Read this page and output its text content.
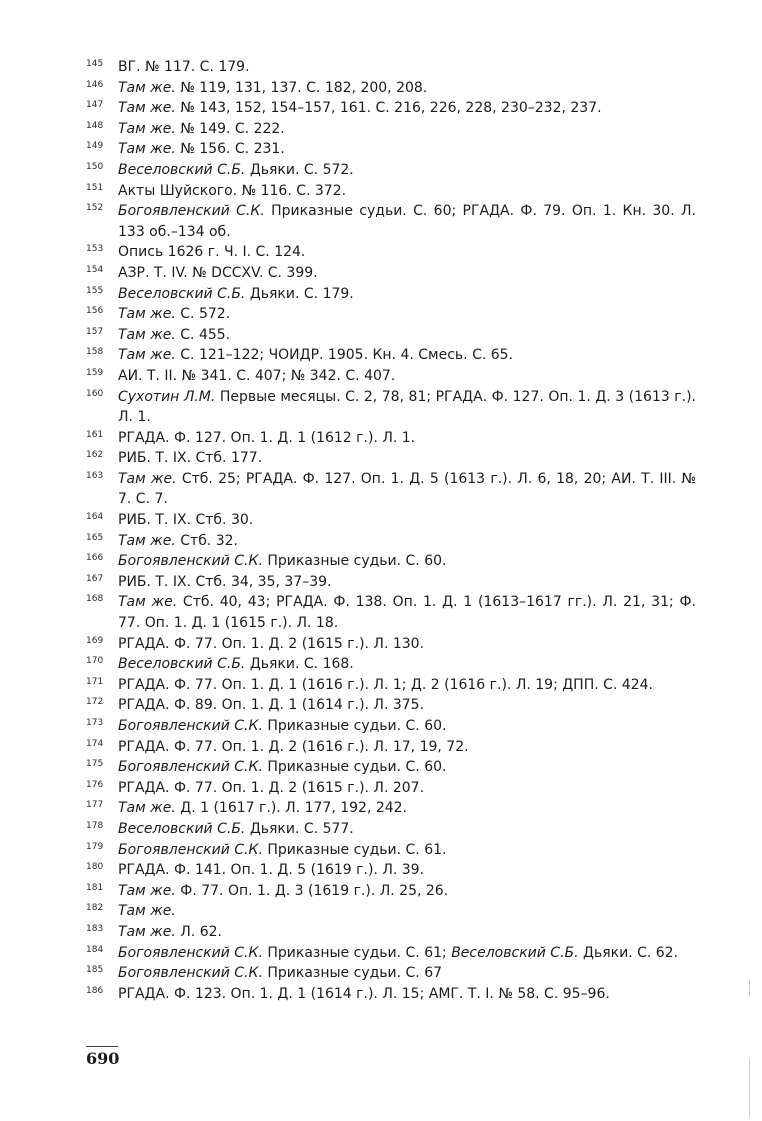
145 ВГ. № 117. С. 179.
146 Там же. № 119, 131, 137. С. 182, 200, 208.
147 Там же. № 143, 152, 154–157, 161. С. 216, 226, 228, 230–232, 237.
148 Там же. № 149. С. 222.
149 Там же. № 156. С. 231.
150 Веселовский С.Б. Дьяки. С. 572.
151 Акты Шуйского. № 116. С. 372.
152 Богоявленский С.К. Приказные судьи. С. 60; РГАДА. Ф. 79. Оп. 1. Кн. 30. Л. 133 об.–134 об.
153 Опись 1626 г. Ч. I. С. 124.
154 АЗР. Т. IV. № DCCXV. С. 399.
155 Веселовский С.Б. Дьяки. С. 179.
156 Там же. С. 572.
157 Там же. С. 455.
158 Там же. С. 121–122; ЧОИДР. 1905. Кн. 4. Смесь. С. 65.
159 АИ. Т. II. № 341. С. 407; № 342. С. 407.
160 Сухотин Л.М. Первые месяцы. С. 2, 78, 81; РГАДА. Ф. 127. Оп. 1. Д. 3 (1613 г.). Л. 1.
161 РГАДА. Ф. 127. Оп. 1. Д. 1 (1612 г.). Л. 1.
162 РИБ. Т. IX. Стб. 177.
163 Там же. Стб. 25; РГАДА. Ф. 127. Оп. 1. Д. 5 (1613 г.). Л. 6, 18, 20; АИ. Т. III. № 7. С. 7.
164 РИБ. Т. IX. Стб. 30.
165 Там же. Стб. 32.
166 Богоявленский С.К. Приказные судьи. С. 60.
167 РИБ. Т. IX. Стб. 34, 35, 37–39.
168 Там же. Стб. 40, 43; РГАДА. Ф. 138. Оп. 1. Д. 1 (1613–1617 гг.). Л. 21, 31; Ф. 77. Оп. 1. Д. 1 (1615 г.). Л. 18.
169 РГАДА. Ф. 77. Оп. 1. Д. 2 (1615 г.). Л. 130.
170 Веселовский С.Б. Дьяки. С. 168.
171 РГАДА. Ф. 77. Оп. 1. Д. 1 (1616 г.). Л. 1; Д. 2 (1616 г.). Л. 19; ДПП. С. 424.
172 РГАДА. Ф. 89. Оп. 1. Д. 1 (1614 г.). Л. 375.
173 Богоявленский С.К. Приказные судьи. С. 60.
174 РГАДА. Ф. 77. Оп. 1. Д. 2 (1616 г.). Л. 17, 19, 72.
175 Богоявленский С.К. Приказные судьи. С. 60.
176 РГАДА. Ф. 77. Оп. 1. Д. 2 (1615 г.). Л. 207.
177 Там же. Д. 1 (1617 г.). Л. 177, 192, 242.
178 Веселовский С.Б. Дьяки. С. 577.
179 Богоявленский С.К. Приказные судьи. С. 61.
180 РГАДА. Ф. 141. Оп. 1. Д. 5 (1619 г.). Л. 39.
181 Там же. Ф. 77. Оп. 1. Д. 3 (1619 г.). Л. 25, 26.
182 Там же.
183 Там же. Л. 62.
184 Богоявленский С.К. Приказные судьи. С. 61; Веселовский С.Б. Дьяки. С. 62.
185 Богоявленский С.К. Приказные судьи. С. 67
186 РГАДА. Ф. 123. Оп. 1. Д. 1 (1614 г.). Л. 15; АМГ. Т. I. № 58. С. 95–96.
690
